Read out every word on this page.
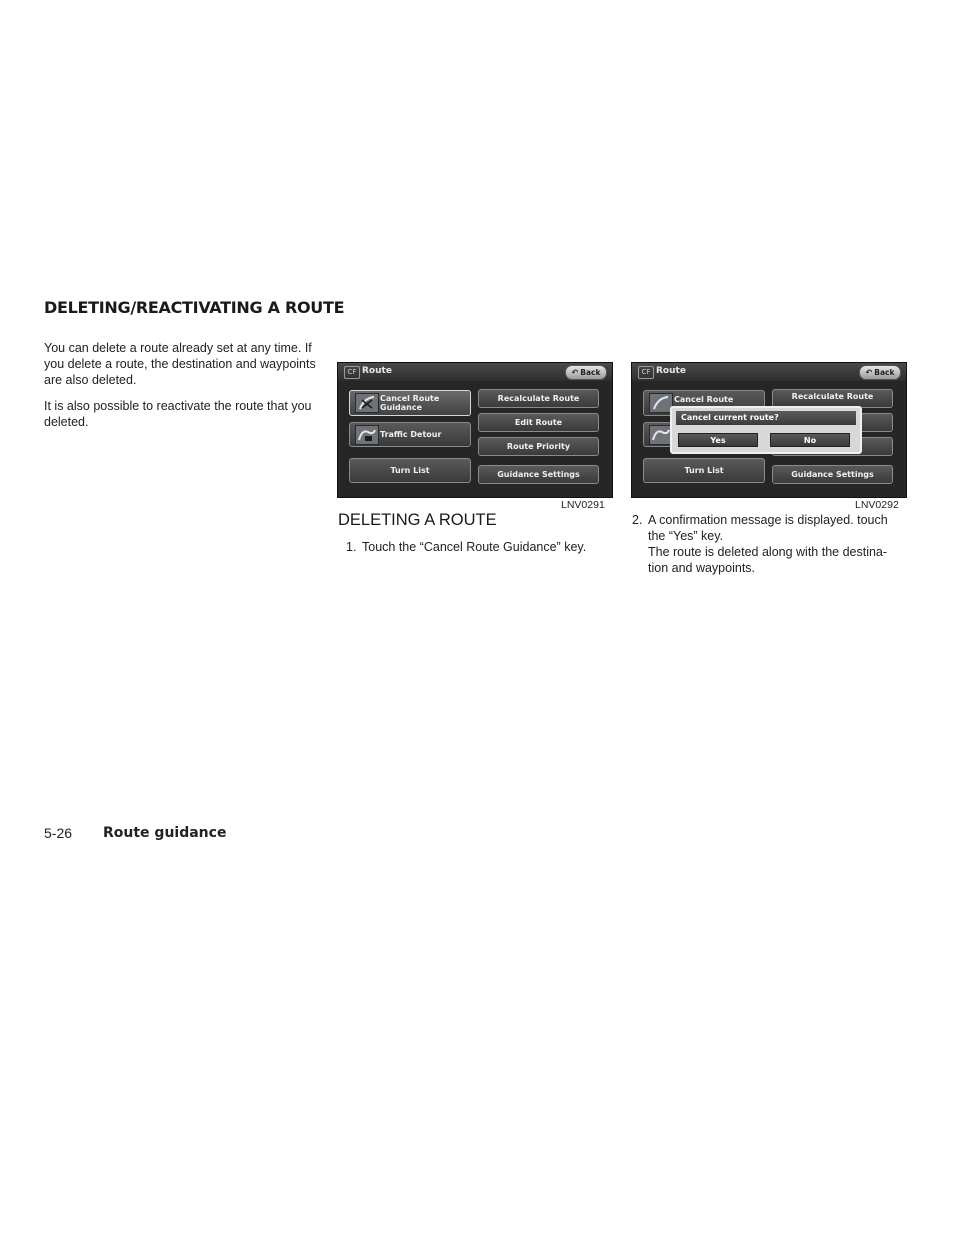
DELETING/REACTIVATING A ROUTE

You can delete a route already set at any time. If you delete a route, the destination and waypoints are also deleted.

It is also possible to reactivate the route that you deleted.

CF Route	↶ Back
Cancel Route Guidance
Traffic Detour
Turn List
Recalculate Route
Edit Route
Route Priority
Guidance Settings
LNV0291
CF Route	↶ Back
Cancel Route
Turn List
Recalculate Route
Guidance Settings
Cancel current route?
Yes	No
LNV0292
DELETING A ROUTE
1. Touch the “Cancel Route Guidance” key.
2. A confirmation message is displayed. touch
the “Yes” key.
The route is deleted along with the destina-
tion and waypoints.
5-26 Route guidance
